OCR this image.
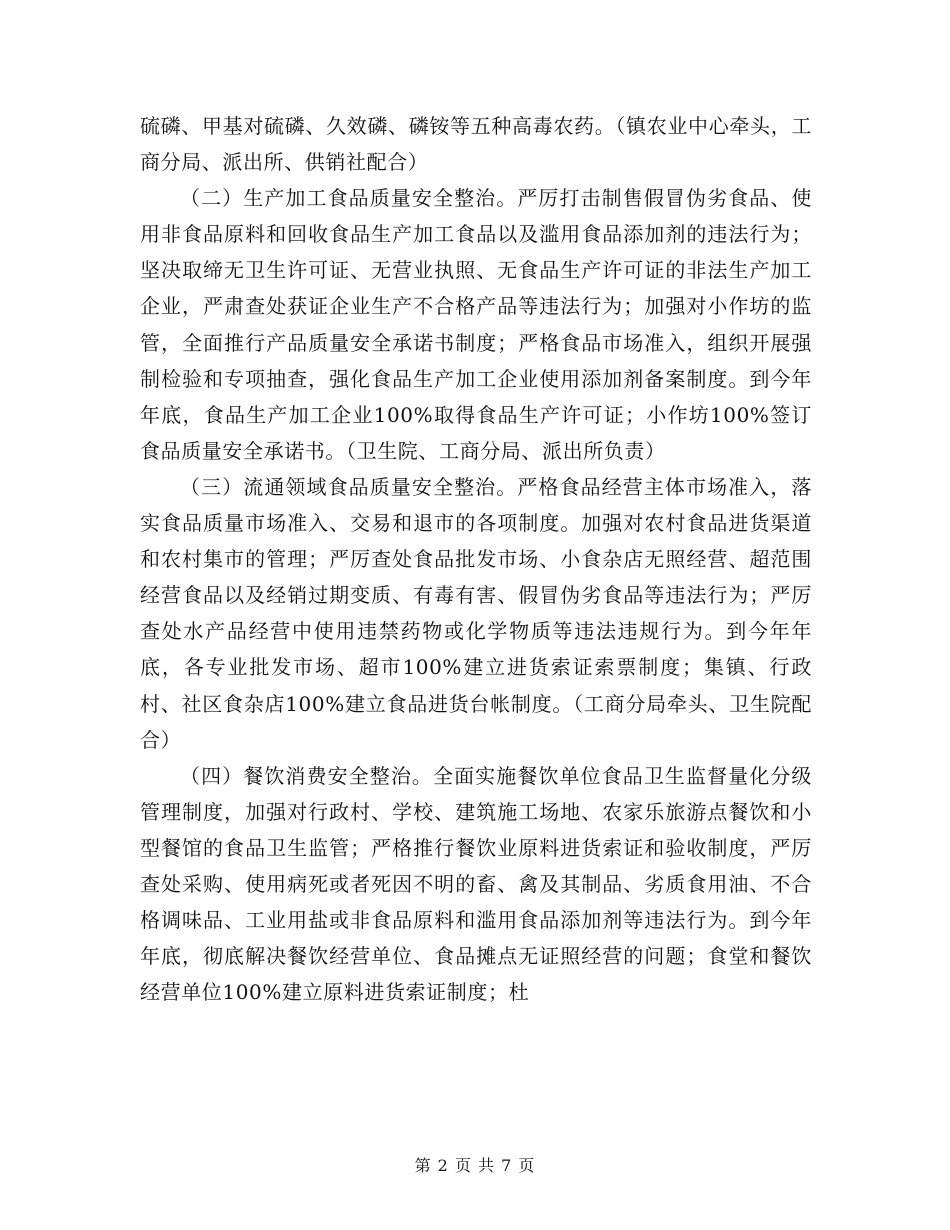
硫磷、甲基对硫磷、久效磷、磷铵等五种高毒农药。（镇农业中心牵头，工商分局、派出所、供销社配合）

（二）生产加工食品质量安全整治。严厉打击制售假冒伪劣食品、使用非食品原料和回收食品生产加工食品以及滥用食品添加剂的违法行为；坚决取缔无卫生许可证、无营业执照、无食品生产许可证的非法生产加工企业，严肃查处获证企业生产不合格产品等违法行为；加强对小作坊的监管，全面推行产品质量安全承诺书制度；严格食品市场准入，组织开展强制检验和专项抽查，强化食品生产加工企业使用添加剂备案制度。到今年年底，食品生产加工企业100%取得食品生产许可证；小作坊100%签订食品质量安全承诺书。（卫生院、工商分局、派出所负责）

（三）流通领域食品质量安全整治。严格食品经营主体市场准入，落实食品质量市场准入、交易和退市的各项制度。加强对农村食品进货渠道和农村集市的管理；严厉查处食品批发市场、小食杂店无照经营、超范围经营食品以及经销过期变质、有毒有害、假冒伪劣食品等违法行为；严厉查处水产品经营中使用违禁药物或化学物质等违法违规行为。到今年年底，各专业批发市场、超市100%建立进货索证索票制度；集镇、行政村、社区食杂店100%建立食品进货台帐制度。（工商分局牵头、卫生院配合）

（四）餐饮消费安全整治。全面实施餐饮单位食品卫生监督量化分级管理制度，加强对行政村、学校、建筑施工场地、农家乐旅游点餐饮和小型餐馆的食品卫生监管；严格推行餐饮业原料进货索证和验收制度，严厉查处采购、使用病死或者死因不明的畜、禽及其制品、劣质食用油、不合格调味品、工业用盐或非食品原料和滥用食品添加剂等违法行为。到今年年底，彻底解决餐饮经营单位、食品摊点无证照经营的问题；食堂和餐饮经营单位100%建立原料进货索证制度；杜

第 2 页 共 7 页
